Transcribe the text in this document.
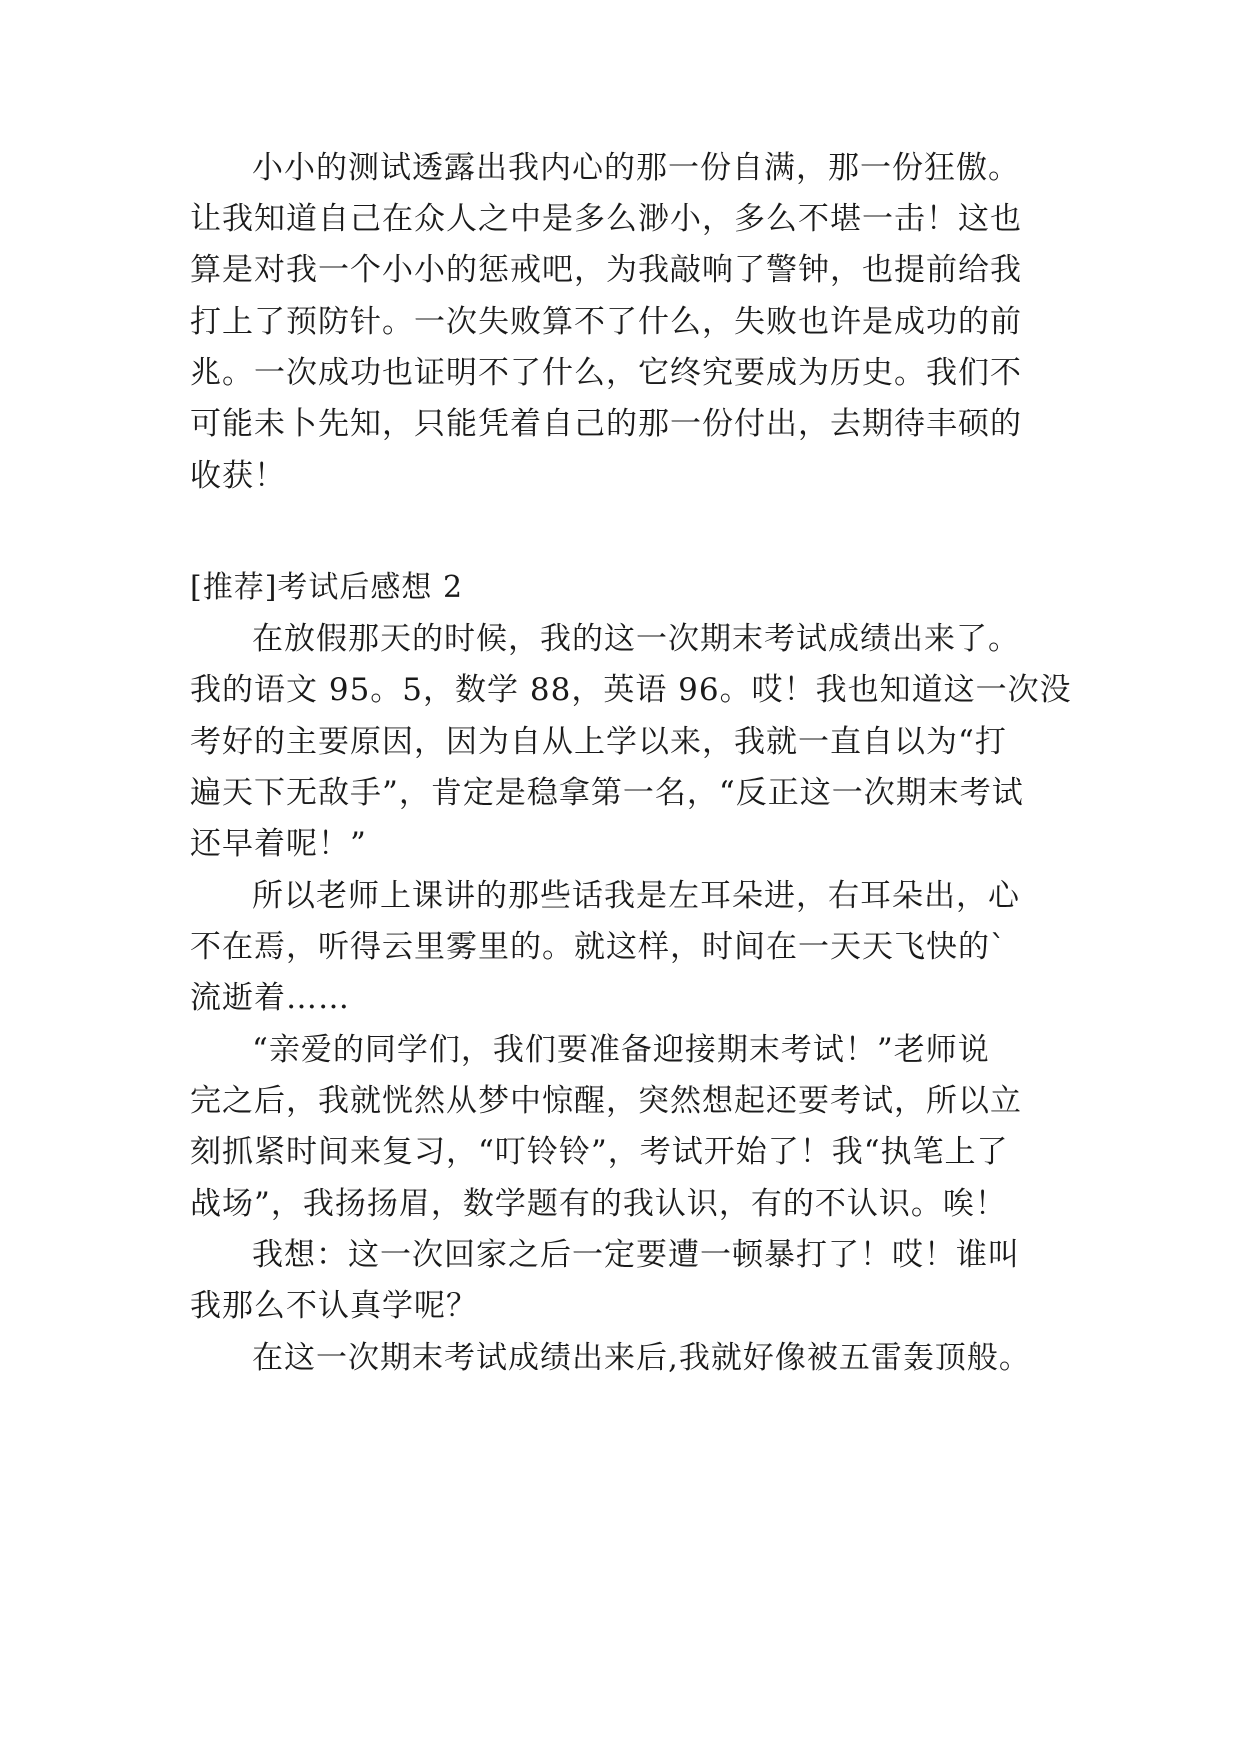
小小的测试透露出我内心的那一份自满，那一份狂傲。
让我知道自己在众人之中是多么渺小，多么不堪一击！这也
算是对我一个小小的惩戒吧，为我敲响了警钟，也提前给我
打上了预防针。一次失败算不了什么，失败也许是成功的前
兆。一次成功也证明不了什么，它终究要成为历史。我们不
可能未卜先知，只能凭着自己的那一份付出，去期待丰硕的
收获！
[推荐]考试后感想 2
在放假那天的时候，我的这一次期末考试成绩出来了。
我的语文 95。5，数学 88，英语 96。哎！我也知道这一次没
考好的主要原因，因为自从上学以来，我就一直自以为“打
遍天下无敌手”，肯定是稳拿第一名，“反正这一次期末考试
还早着呢！”
所以老师上课讲的那些话我是左耳朵进，右耳朵出，心
不在焉，听得云里雾里的。就这样，时间在一天天飞快的`
流逝着……
“亲爱的同学们，我们要准备迎接期末考试！”老师说
完之后，我就恍然从梦中惊醒，突然想起还要考试，所以立
刻抓紧时间来复习，“叮铃铃”，考试开始了！我“执笔上了
战场”，我扬扬眉，数学题有的我认识，有的不认识。唉！
我想：这一次回家之后一定要遭一顿暴打了！哎！谁叫
我那么不认真学呢？
在这一次期末考试成绩出来后,我就好像被五雷轰顶般。
